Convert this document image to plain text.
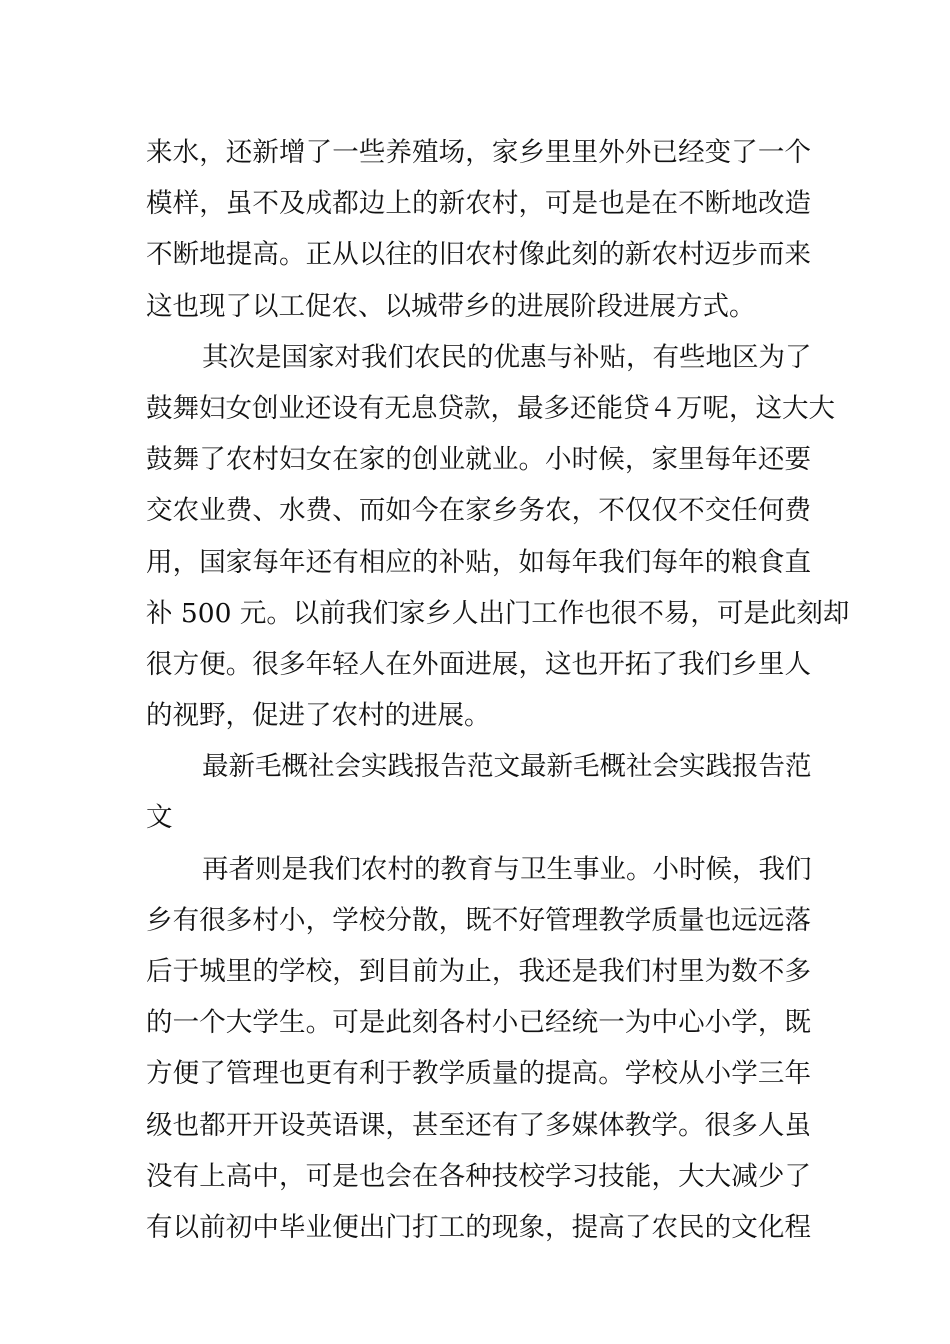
来水，还新增了一些养殖场，家乡里里外外已经变了一个
模样，虽不及成都边上的新农村，可是也是在不断地改造
不断地提高。正从以往的旧农村像此刻的新农村迈步而来
这也现了以工促农、以城带乡的进展阶段进展方式。
其次是国家对我们农民的优惠与补贴，有些地区为了
鼓舞妇女创业还设有无息贷款，最多还能贷４万呢，这大大
鼓舞了农村妇女在家的创业就业。小时候，家里每年还要
交农业费、水费、而如今在家乡务农，不仅仅不交任何费
用，国家每年还有相应的补贴，如每年我们每年的粮食直
补 500 元。以前我们家乡人出门工作也很不易，可是此刻却
很方便。很多年轻人在外面进展，这也开拓了我们乡里人
的视野，促进了农村的进展。
最新毛概社会实践报告范文最新毛概社会实践报告范
文
再者则是我们农村的教育与卫生事业。小时候，我们
乡有很多村小，学校分散，既不好管理教学质量也远远落
后于城里的学校，到目前为止，我还是我们村里为数不多
的一个大学生。可是此刻各村小已经统一为中心小学，既
方便了管理也更有利于教学质量的提高。学校从小学三年
级也都开开设英语课，甚至还有了多媒体教学。很多人虽
没有上高中，可是也会在各种技校学习技能，大大减少了
有以前初中毕业便出门打工的现象，提高了农民的文化程
